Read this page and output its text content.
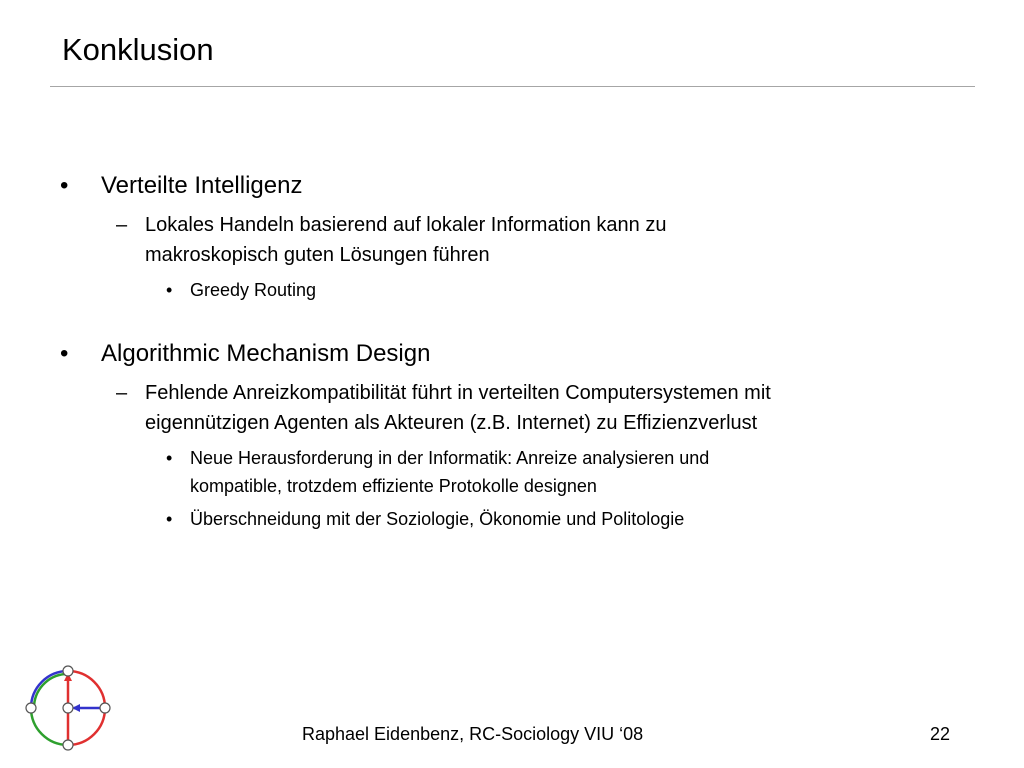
Konklusion
• Verteilte Intelligenz
– Lokales Handeln basierend auf lokaler Information kann zu
makroskopisch guten Lösungen führen
• Greedy Routing
• Algorithmic Mechanism Design
– Fehlende Anreizkompatibilität führt in verteilten Computersystemen mit
eigennützigen Agenten als Akteuren (z.B. Internet) zu Effizienzverlust
• Neue Herausforderung in der Informatik: Anreize analysieren und
kompatible, trotzdem effiziente Protokolle designen
• Überschneidung mit der Soziologie, Ökonomie und Politologie
Raphael Eidenbenz, RC-Sociology VIU ‘08	22
